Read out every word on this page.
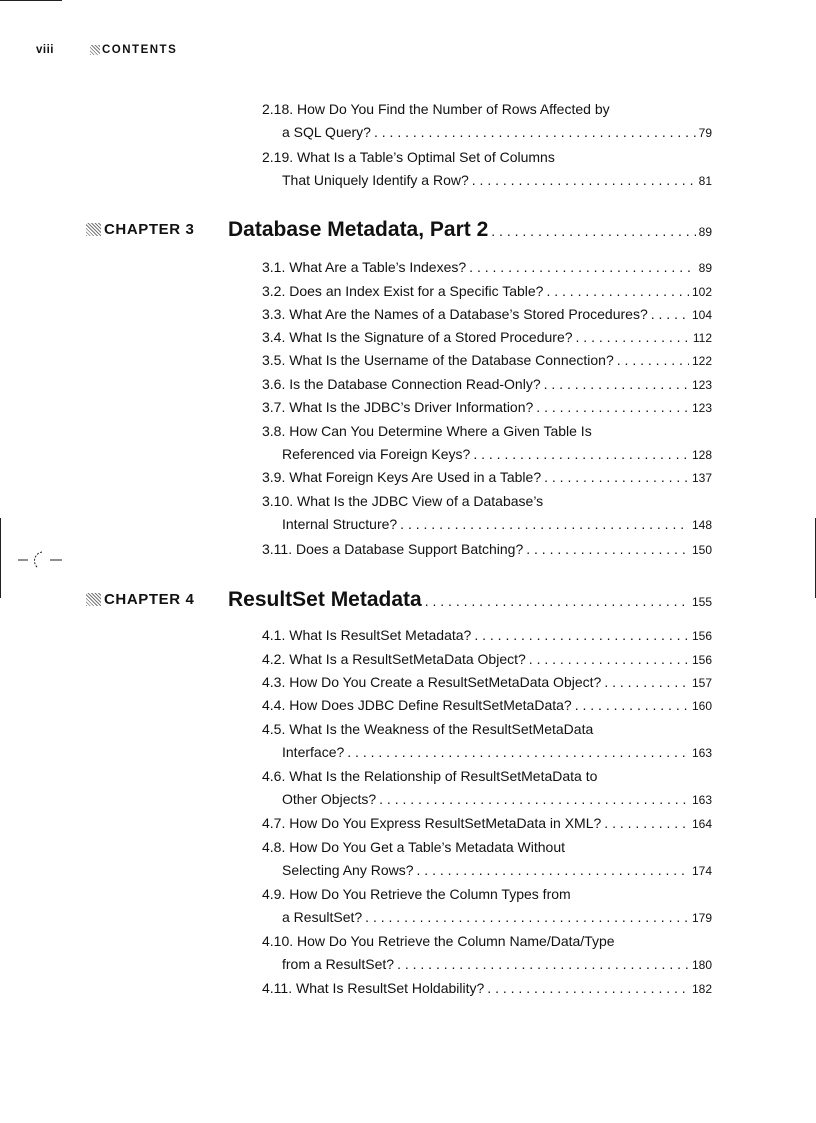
viii	CONTENTS
2.18. How Do You Find the Number of Rows Affected by
a SQL Query? . . .	79
2.19. What Is a Table’s Optimal Set of Columns
That Uniquely Identify a Row? . . .	81
CHAPTER 3 Database Metadata, Part 2 . . .	89
3.1. What Are a Table’s Indexes? . . .	89
3.2. Does an Index Exist for a Specific Table? . . .	102
3.3. What Are the Names of a Database’s Stored Procedures? . . .	104
3.4. What Is the Signature of a Stored Procedure? . . .	112
3.5. What Is the Username of the Database Connection? . . .	122
3.6. Is the Database Connection Read-Only? . . .	123
3.7. What Is the JDBC’s Driver Information? . . .	123
3.8. How Can You Determine Where a Given Table Is
Referenced via Foreign Keys? . . .	128
3.9. What Foreign Keys Are Used in a Table? . . .	137
3.10. What Is the JDBC View of a Database’s
Internal Structure? . . .	148
3.11. Does a Database Support Batching? . . .	150
CHAPTER 4 ResultSet Metadata . . .	155
4.1. What Is ResultSet Metadata? . . .	156
4.2. What Is a ResultSetMetaData Object? . . .	156
4.3. How Do You Create a ResultSetMetaData Object? . . .	157
4.4. How Does JDBC Define ResultSetMetaData? . . .	160
4.5. What Is the Weakness of the ResultSetMetaData
Interface? . . .	163
4.6. What Is the Relationship of ResultSetMetaData to
Other Objects? . . .	163
4.7. How Do You Express ResultSetMetaData in XML? . . .	164
4.8. How Do You Get a Table’s Metadata Without
Selecting Any Rows? . . .	174
4.9. How Do You Retrieve the Column Types from
a ResultSet? . . .	179
4.10. How Do You Retrieve the Column Name/Data/Type
from a ResultSet? . . .	180
4.11. What Is ResultSet Holdability? . . .	182
